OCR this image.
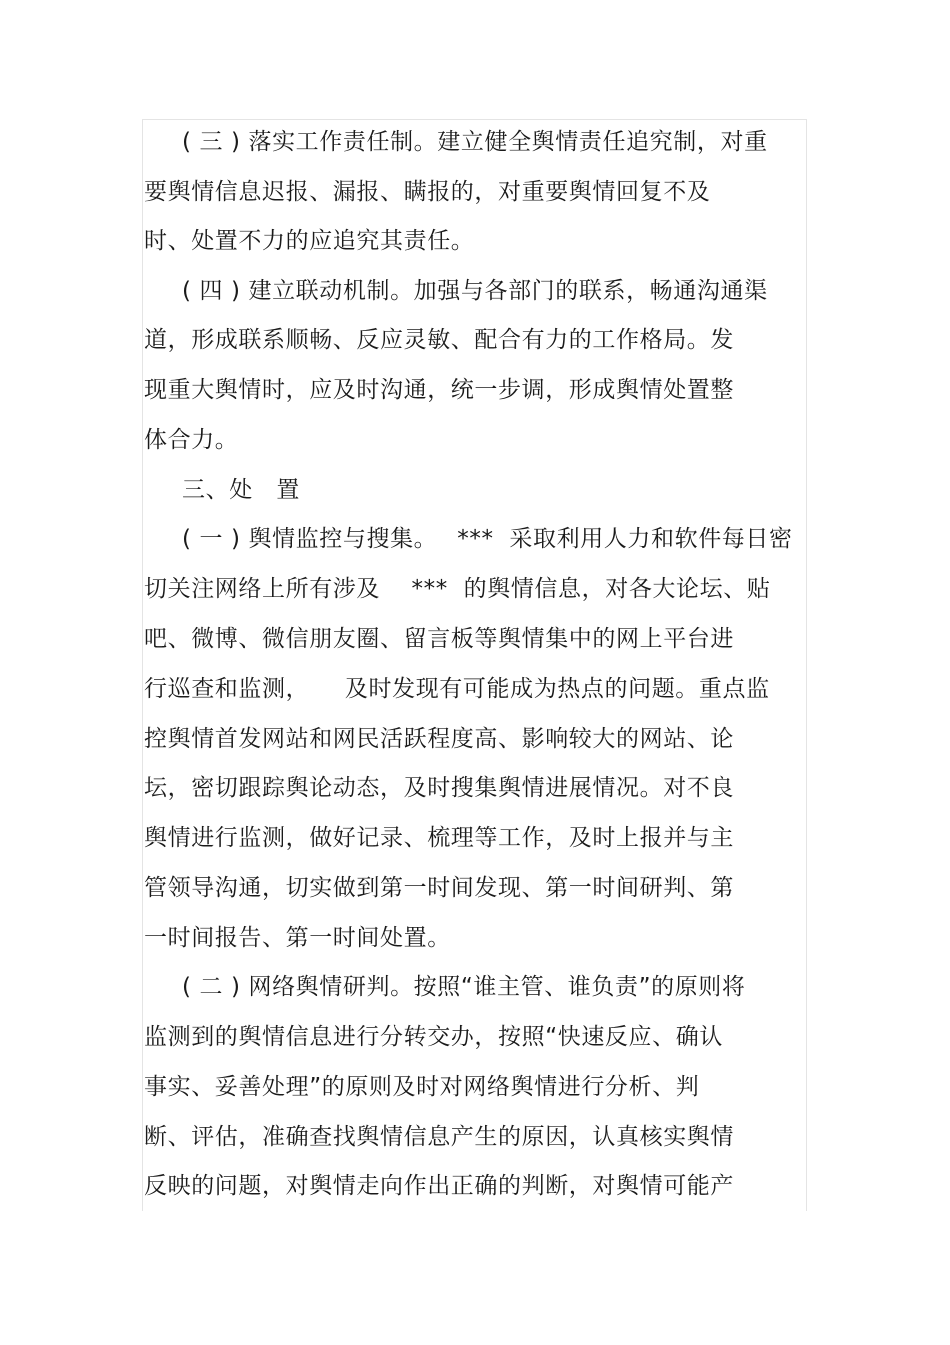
( 三 ) 落实工作责任制。建立健全舆情责任追究制，对重
要舆情信息迟报、漏报、瞒报的，对重要舆情回复不及
时、处置不力的应追究其责任。
( 四 ) 建立联动机制。加强与各部门的联系，畅通沟通渠
道，形成联系顺畅、反应灵敏、配合有力的工作格局。发
现重大舆情时，应及时沟通，统一步调，形成舆情处置整
体合力。
三、处　置
( 一 ) 舆情监控与搜集。　 ***  采取利用人力和软件每日密
切关注网络上所有涉及　 ***  的舆情信息，对各大论坛、贴
吧、微博、微信朋友圈、留言板等舆情集中的网上平台进
行巡查和监测，　　及时发现有可能成为热点的问题。重点监
控舆情首发网站和网民活跃程度高、影响较大的网站、论
坛，密切跟踪舆论动态，及时搜集舆情进展情况。对不良
舆情进行监测，做好记录、梳理等工作，及时上报并与主
管领导沟通，切实做到第一时间发现、第一时间研判、第
一时间报告、第一时间处置。
( 二 ) 网络舆情研判。按照“谁主管、谁负责”的原则将
监测到的舆情信息进行分转交办，按照“快速反应、确认
事实、妥善处理”的原则及时对网络舆情进行分析、判
断、评估，准确查找舆情信息产生的原因，认真核实舆情
反映的问题，对舆情走向作出正确的判断，对舆情可能产
